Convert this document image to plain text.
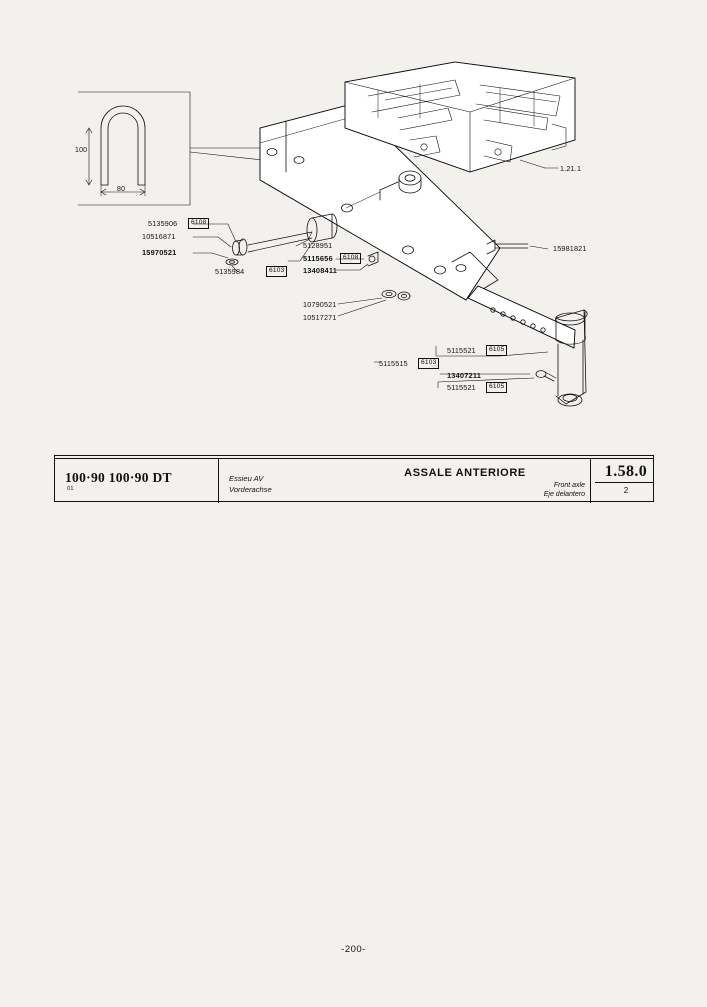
100
80
1.21.1
5135906	6108
10516871
15970521
5135984	6103
5128951
5115656	6108
13408411
10790521
10517271
15981821
5115521	6105
5115515	6103
13407211
5115521	6105
100·90 100·90 DT
01
Essieu AV
Vorderachse
ASSALE ANTERIORE
Front axle
Eje delantero
1.58.0
2
-200-
